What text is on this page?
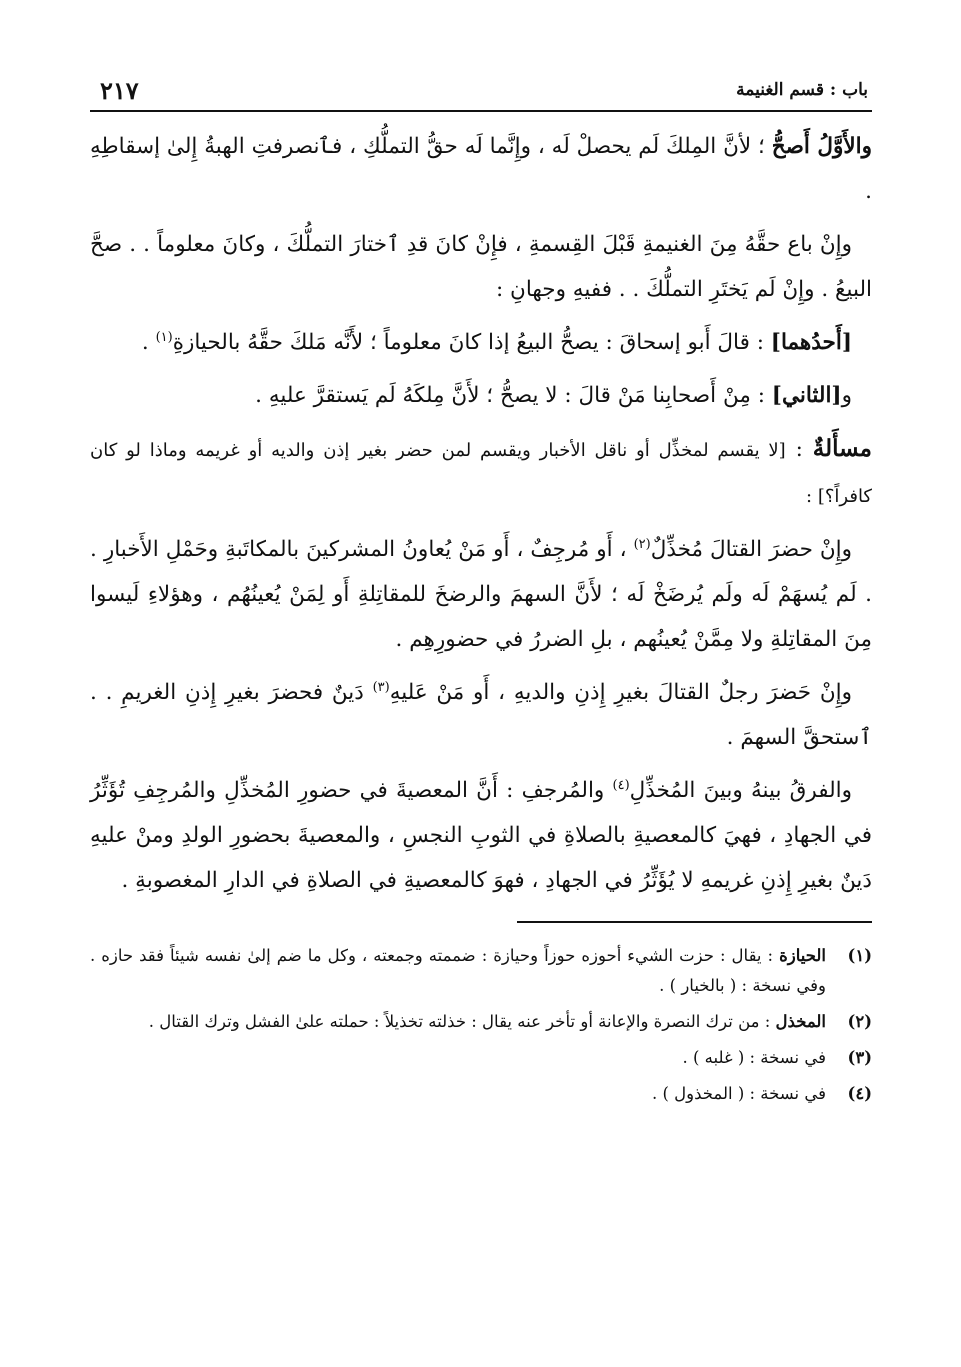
باب : قسم الغنيمة
٢١٧

والأَوَّلُ أَصحُّ ؛ لأنَّ المِلكَ لَم يحصلْ لَه ، وإِنَّما لَه حقُّ التملُّكِ ، فٱنصرفتِ الهبةُ إِلىٰ إسقاطِهِ .

وإِنْ باع حقَّهُ مِنَ الغنيمةِ قَبْلَ القِسمةِ ، فإِنْ كانَ قدِ ٱختارَ التملُّكَ ، وكانَ معلوماً . . صحَّ البيعُ . وإِنْ لَم يَختَرِ التملُّكَ . . ففيهِ وجهانِ :

[أَحدُهما] : قالَ أَبو إسحاقَ : يصحُّ البيعُ إذا كانَ معلوماً ؛ لأَنَّه مَلكَ حقَّهُ بالحيازةِ$^{(١)}$ .

و[الثاني] : مِنْ أَصحابِنا مَنْ قالَ : لا يصحُّ ؛ لأَنَّ مِلكَهُ لَم يَستقرَّ عليهِ .

مسأَلةٌ : [لا يقسم لمخذِّل أو ناقل الأخبار ويقسم لمن حضر بغير إذن والديه أو غريمه وماذا لو كان كافراً؟] :

وإِنْ حضرَ القتالَ مُخذِّلٌ$^{(٢)}$ ، أَو مُرجِفٌ ، أَو مَنْ يُعاونُ المشركينَ بالمكاتَبةِ وحَمْلِ الأَخبارِ . . لَم يُسهَمْ لَه ولَم يُرضَخْ لَه ؛ لأَنَّ السهمَ والرضخَ للمقاتِلةِ أَو لِمَنْ يُعينُهُم ، وهؤلاءِ لَيسوا مِنَ المقاتِلةِ ولا مِمَّنْ يُعينُهم ، بلِ الضررُ في حضورِهِم .

وإِنْ حَضرَ رجلٌ القتالَ بغيرِ إِذنِ والديهِ ، أَو مَنْ عَليهِ$^{(٣)}$ دَينٌ فحضرَ بغيرِ إِذنِ الغريمِ . . ٱستحقَّ السهمَ .

والفرقُ بينهُ وبينَ المُخذِّلِ$^{(٤)}$ والمُرجفِ : أَنَّ المعصيةَ في حضورِ المُخذِّلِ والمُرجِفِ تُؤَثِّرُ في الجهادِ ، فهيَ كالمعصيةِ بالصلاةِ في الثوبِ النجسِ ، والمعصيةَ بحضورِ الولدِ ومنْ عليهِ دَينٌ بغيرِ إِذنِ غريمهِ لا يُؤَثِّرُ في الجهادِ ، فهوَ كالمعصيةِ في الصلاةِ في الدارِ المغصوبةِ .

(١)
الحيازة : يقال : حزت الشيء أحوزه حوزاً وحيازة : ضممته وجمعته ، وكل ما ضم إلىٰ نفسه شيئاً فقد حازه . وفي نسخة : ( بالخيار ) .
(٢)
المخذل : من ترك النصرة والإعانة أو تأخر عنه يقال : خذلته تخذيلاً : حملته علىٰ الفشل وترك القتال .
(٣)
في نسخة : ( غلبه ) .
(٤)
في نسخة : ( المخذول ) .
